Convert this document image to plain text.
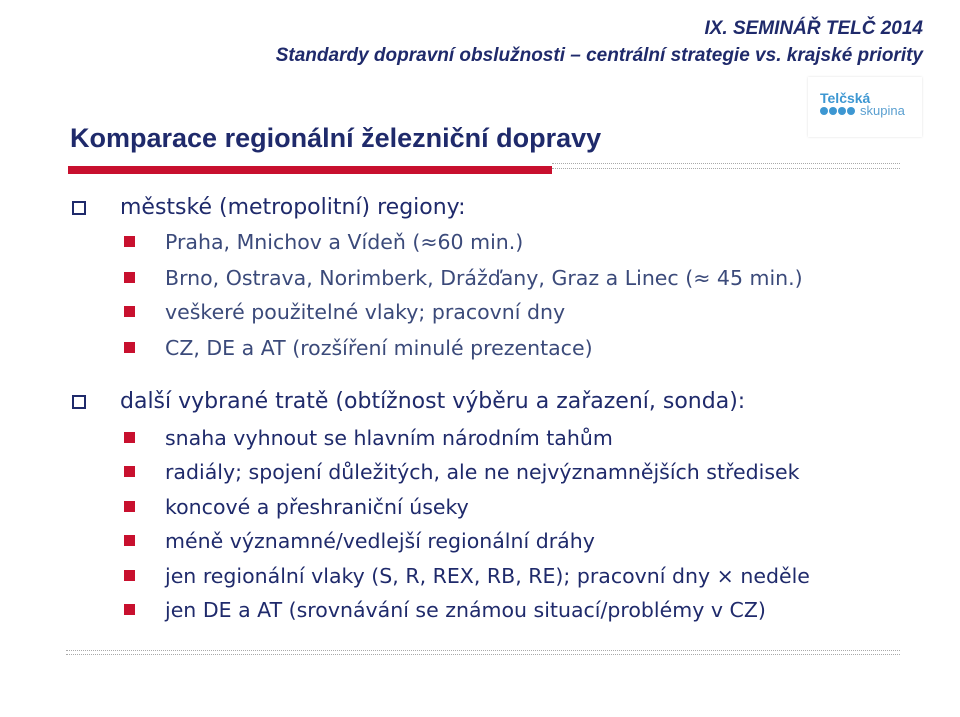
IX. SEMINÁŘ TELČ 2014
Standardy dopravní obslužnosti – centrální strategie vs. krajské priority
Telčská
skupina
Komparace regionální železniční dopravy
městské (metropolitní) regiony:
Praha, Mnichov a Vídeň (≈60 min.)
Brno, Ostrava, Norimberk, Drážďany, Graz a Linec (≈ 45 min.)
veškeré použitelné vlaky; pracovní dny
CZ, DE a AT (rozšíření minulé prezentace)
další vybrané tratě (obtížnost výběru a zařazení, sonda):
snaha vyhnout se hlavním národním tahům
radiály; spojení důležitých, ale ne nejvýznamnějších středisek
koncové a přeshraniční úseky
méně významné/vedlejší regionální dráhy
jen regionální vlaky (S, R, REX, RB, RE); pracovní dny × neděle
jen DE a AT (srovnávání se známou situací/problémy v CZ)
